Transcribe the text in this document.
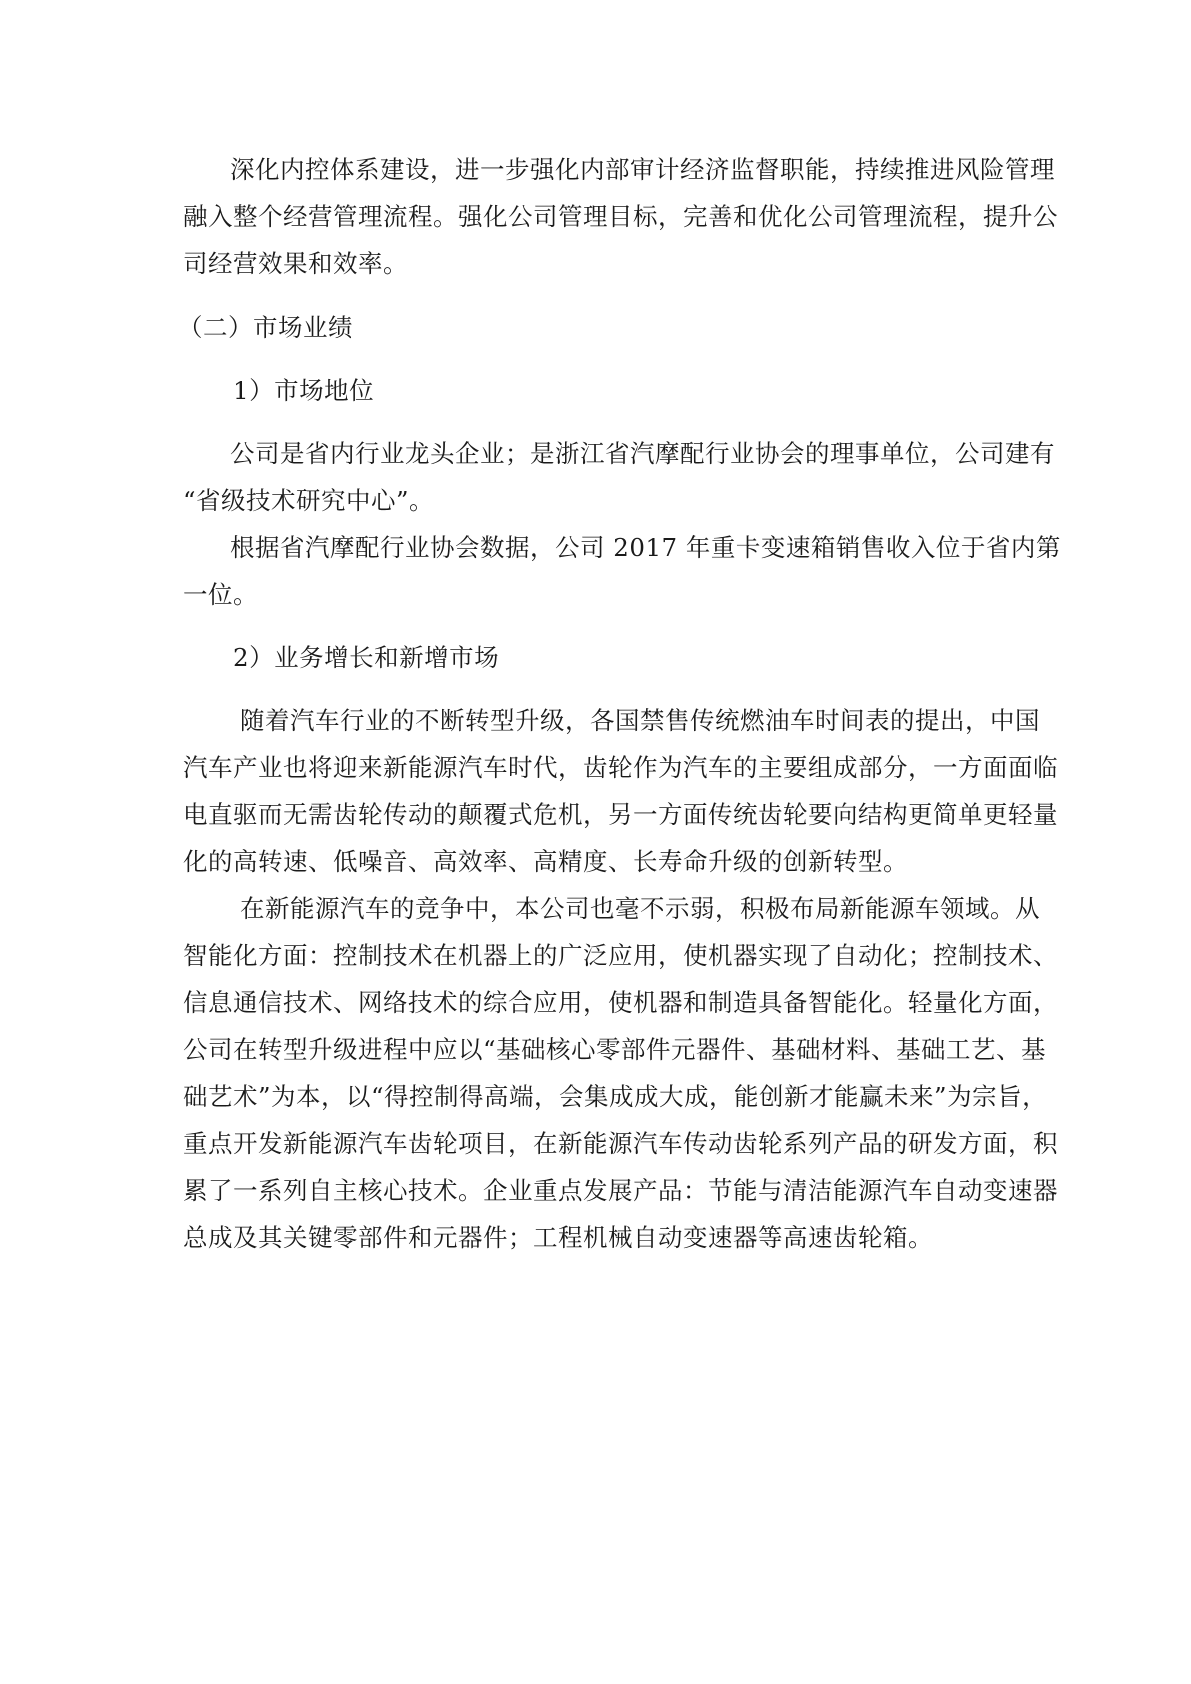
深化内控体系建设，进一步强化内部审计经济监督职能，持续推进风险管理
融入整个经营管理流程。强化公司管理目标，完善和优化公司管理流程，提升公
司经营效果和效率。
（二）市场业绩
1）市场地位
公司是省内行业龙头企业；是浙江省汽摩配行业协会的理事单位，公司建有
“省级技术研究中心”。
根据省汽摩配行业协会数据，公司 2017 年重卡变速箱销售收入位于省内第
一位。
2）业务增长和新增市场
随着汽车行业的不断转型升级，各国禁售传统燃油车时间表的提出，中国
汽车产业也将迎来新能源汽车时代，齿轮作为汽车的主要组成部分，一方面面临
电直驱而无需齿轮传动的颠覆式危机，另一方面传统齿轮要向结构更简单更轻量
化的高转速、低噪音、高效率、高精度、长寿命升级的创新转型。
在新能源汽车的竞争中，本公司也毫不示弱，积极布局新能源车领域。从
智能化方面：控制技术在机器上的广泛应用，使机器实现了自动化；控制技术、
信息通信技术、网络技术的综合应用，使机器和制造具备智能化。轻量化方面，
公司在转型升级进程中应以“基础核心零部件元器件、基础材料、基础工艺、基
础艺术”为本，以“得控制得高端，会集成成大成，能创新才能赢未来”为宗旨，
重点开发新能源汽车齿轮项目，在新能源汽车传动齿轮系列产品的研发方面，积
累了一系列自主核心技术。企业重点发展产品：节能与清洁能源汽车自动变速器
总成及其关键零部件和元器件；工程机械自动变速器等高速齿轮箱。
